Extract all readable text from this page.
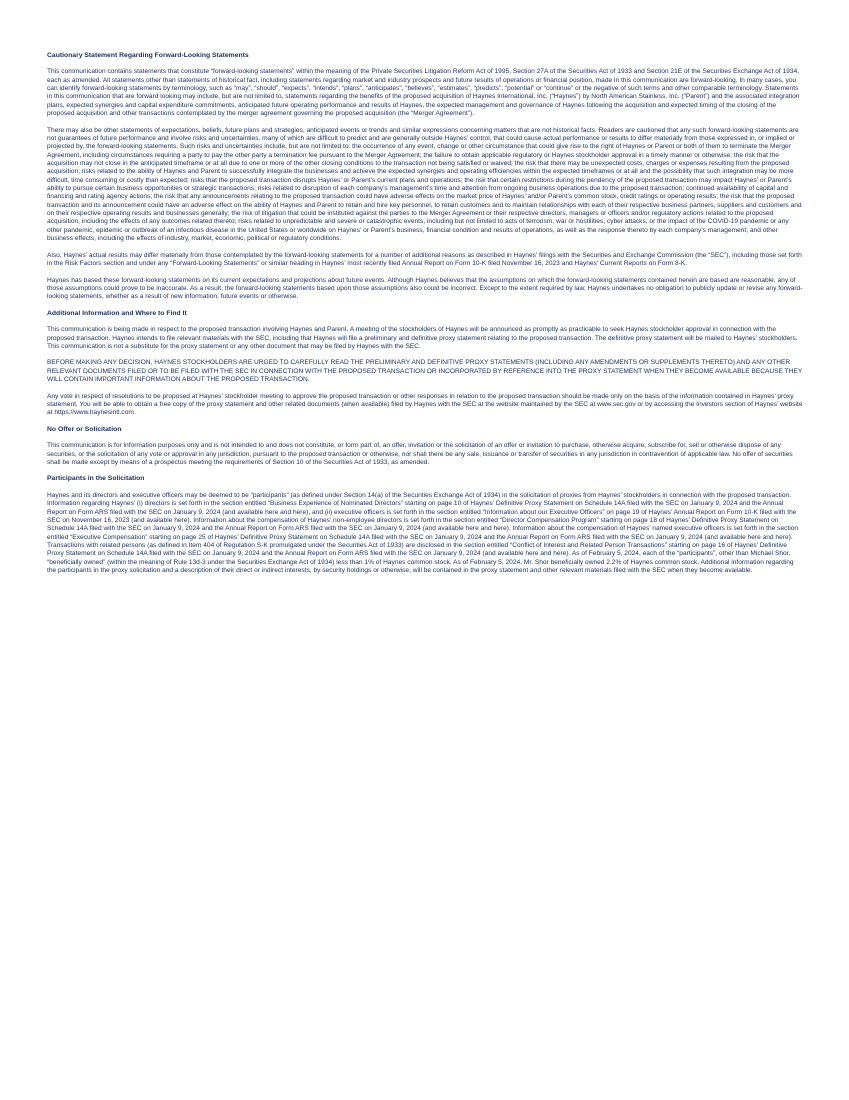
Cautionary Statement Regarding Forward-Looking Statements

This communication contains statements that constitute “forward-looking statements” within the meaning of the Private Securities Litigation Reform Act of 1995, Section 27A of the Securities Act of 1933 and Section 21E of the Securities Exchange Act of 1934, each as amended. All statements other than statements of historical fact, including statements regarding market and industry prospects and future results of operations or financial position, made in this communication are forward-looking. In many cases, you can identify forward-looking statements by terminology, such as “may”, “should”, “expects”, “intends”, “plans”, “anticipates”, “believes”, “estimates”, “predicts”, “potential” or “continue” or the negative of such terms and other comparable terminology. Statements in this communication that are forward looking may include, but are not limited to, statements regarding the benefits of the proposed acquisition of Haynes International, Inc. (“Haynes”) by North American Stainless, Inc. (“Parent”) and the associated integration plans, expected synergies and capital expenditure commitments, anticipated future operating performance and results of Haynes, the expected management and governance of Haynes following the acquisition and expected timing of the closing of the proposed acquisition and other transactions contemplated by the merger agreement governing the proposed acquisition (the “Merger Agreement”).

There may also be other statements of expectations, beliefs, future plans and strategies, anticipated events or trends and similar expressions concerning matters that are not historical facts. Readers are cautioned that any such forward-looking statements are not guarantees of future performance and involve risks and uncertainties, many of which are difficult to predict and are generally outside Haynes’ control, that could cause actual performance or results to differ materially from those expressed in, or implied or projected by, the forward-looking statements. Such risks and uncertainties include, but are not limited to: the occurrence of any event, change or other circumstance that could give rise to the right of Haynes or Parent or both of them to terminate the Merger Agreement, including circumstances requiring a party to pay the other party a termination fee pursuant to the Merger Agreement; the failure to obtain applicable regulatory or Haynes stockholder approval in a timely manner or otherwise; the risk that the acquisition may not close in the anticipated timeframe or at all due to one or more of the other closing conditions to the transaction not being satisfied or waived; the risk that there may be unexpected costs, charges or expenses resulting from the proposed acquisition; risks related to the ability of Haynes and Parent to successfully integrate the businesses and achieve the expected synergies and operating efficiencies within the expected timeframes or at all and the possibility that such integration may be more difficult, time consuming or costly than expected; risks that the proposed transaction disrupts Haynes’ or Parent’s current plans and operations; the risk that certain restrictions during the pendency of the proposed transaction may impact Haynes’ or Parent’s ability to pursue certain business opportunities or strategic transactions; risks related to disruption of each company’s management’s time and attention from ongoing business operations due to the proposed transaction; continued availability of capital and financing and rating agency actions; the risk that any announcements relating to the proposed transaction could have adverse effects on the market price of Haynes’ and/or Parent’s common stock, credit ratings or operating results; the risk that the proposed transaction and its announcement could have an adverse effect on the ability of Haynes and Parent to retain and hire key personnel, to retain customers and to maintain relationships with each of their respective business partners, suppliers and customers and on their respective operating results and businesses generally; the risk of litigation that could be instituted against the parties to the Merger Agreement or their respective directors, managers or officers and/or regulatory actions related to the proposed acquisition, including the effects of any outcomes related thereto; risks related to unpredictable and severe or catastrophic events, including but not limited to acts of terrorism, war or hostilities, cyber attacks, or the impact of the COVID-19 pandemic or any other pandemic, epidemic or outbreak of an infectious disease in the United States or worldwide on Haynes’ or Parent’s business, financial condition and results of operations, as well as the response thereto by each company’s management; and other business effects, including the effects of industry, market, economic, political or regulatory conditions.

Also, Haynes’ actual results may differ materially from those contemplated by the forward-looking statements for a number of additional reasons as described in Haynes’ filings with the Securities and Exchange Commission (the “SEC”), including those set forth in the Risk Factors section and under any “Forward-Looking Statements” or similar heading in Haynes’ most recently filed Annual Report on Form 10-K filed November 16, 2023 and Haynes’ Current Reports on Form 8-K.

Haynes has based these forward-looking statements on its current expectations and projections about future events. Although Haynes believes that the assumptions on which the forward-looking statements contained herein are based are reasonable, any of those assumptions could prove to be inaccurate. As a result, the forward-looking statements based upon those assumptions also could be incorrect. Except to the extent required by law, Haynes undertakes no obligation to publicly update or revise any forward-looking statements, whether as a result of new information, future events or otherwise.

Additional Information and Where to Find It

This communication is being made in respect to the proposed transaction involving Haynes and Parent. A meeting of the stockholders of Haynes will be announced as promptly as practicable to seek Haynes stockholder approval in connection with the proposed transaction. Haynes intends to file relevant materials with the SEC, including that Haynes will file a preliminary and definitive proxy statement relating to the proposed transaction. The definitive proxy statement will be mailed to Haynes’ stockholders. This communication is not a substitute for the proxy statement or any other document that may be filed by Haynes with the SEC.

BEFORE MAKING ANY DECISION, HAYNES STOCKHOLDERS ARE URGED TO CAREFULLY READ THE PRELIMINARY AND DEFINITIVE PROXY STATEMENTS (INCLUDING ANY AMENDMENTS OR SUPPLEMENTS THERETO) AND ANY OTHER RELEVANT DOCUMENTS FILED OR TO BE FILED WITH THE SEC IN CONNECTION WITH THE PROPOSED TRANSACTION OR INCORPORATED BY REFERENCE INTO THE PROXY STATEMENT WHEN THEY BECOME AVAILABLE BECAUSE THEY WILL CONTAIN IMPORTANT INFORMATION ABOUT THE PROPOSED TRANSACTION.

Any vote in respect of resolutions to be proposed at Haynes’ stockholder meeting to approve the proposed transaction or other responses in relation to the proposed transaction should be made only on the basis of the information contained in Haynes’ proxy statement. You will be able to obtain a free copy of the proxy statement and other related documents (when available) filed by Haynes with the SEC at the website maintained by the SEC at www.sec.gov or by accessing the Investors section of Haynes’ website at https://www.haynesintl.com.

No Offer or Solicitation

This communication is for information purposes only and is not intended to and does not constitute, or form part of, an offer, invitation or the solicitation of an offer or invitation to purchase, otherwise acquire, subscribe for, sell or otherwise dispose of any securities, or the solicitation of any vote or approval in any jurisdiction, pursuant to the proposed transaction or otherwise, nor shall there be any sale, issuance or transfer of securities in any jurisdiction in contravention of applicable law. No offer of securities shall be made except by means of a prospectus meeting the requirements of Section 10 of the Securities Act of 1933, as amended.

Participants in the Solicitation

Haynes and its directors and executive officers may be deemed to be “participants” (as defined under Section 14(a) of the Securities Exchange Act of 1934) in the solicitation of proxies from Haynes’ stockholders in connection with the proposed transaction. Information regarding Haynes’ (i) directors is set forth in the section entitled “Business Experience of Nominated Directors” starting on page 10 of Haynes’ Definitive Proxy Statement on Schedule 14A filed with the SEC on January 9, 2024 and the Annual Report on Form ARS filed with the SEC on January 9, 2024 (and available here and here), and (ii) executive officers is set forth in the section entitled “Information about our Executive Officers” on page 19 of Haynes’ Annual Report on Form 10-K filed with the SEC on November 16, 2023 (and available here). Information about the compensation of Haynes’ non-employee directors is set forth in the section entitled “Director Compensation Program” starting on page 18 of Haynes’ Definitive Proxy Statement on Schedule 14A filed with the SEC on January 9, 2024 and the Annual Report on Form ARS filed with the SEC on January 9, 2024 (and available here and here). Information about the compensation of Haynes’ named executive officers is set forth in the section entitled “Executive Compensation” starting on page 25 of Haynes’ Definitive Proxy Statement on Schedule 14A filed with the SEC on January 9, 2024 and the Annual Report on Form ARS filed with the SEC on January 9, 2024 (and available here and here). Transactions with related persons (as defined in Item 404 of Regulation S-K promulgated under the Securities Act of 1933) are disclosed in the section entitled “Conflict of Interest and Related Person Transactions” starting on page 16 of Haynes’ Definitive Proxy Statement on Schedule 14A filed with the SEC on January 9, 2024 and the Annual Report on Form ARS filed with the SEC on January 9, 2024 (and available here and here). As of February 5, 2024, each of the “participants”, other than Michael Shor, “beneficially owned” (within the meaning of Rule 13d-3 under the Securities Exchange Act of 1934) less than 1% of Haynes common stock. As of February 5, 2024, Mr. Shor beneficially owned 2.2% of Haynes common stock. Additional information regarding the participants in the proxy solicitation and a description of their direct or indirect interests, by security holdings or otherwise, will be contained in the proxy statement and other relevant materials filed with the SEC when they become available.
